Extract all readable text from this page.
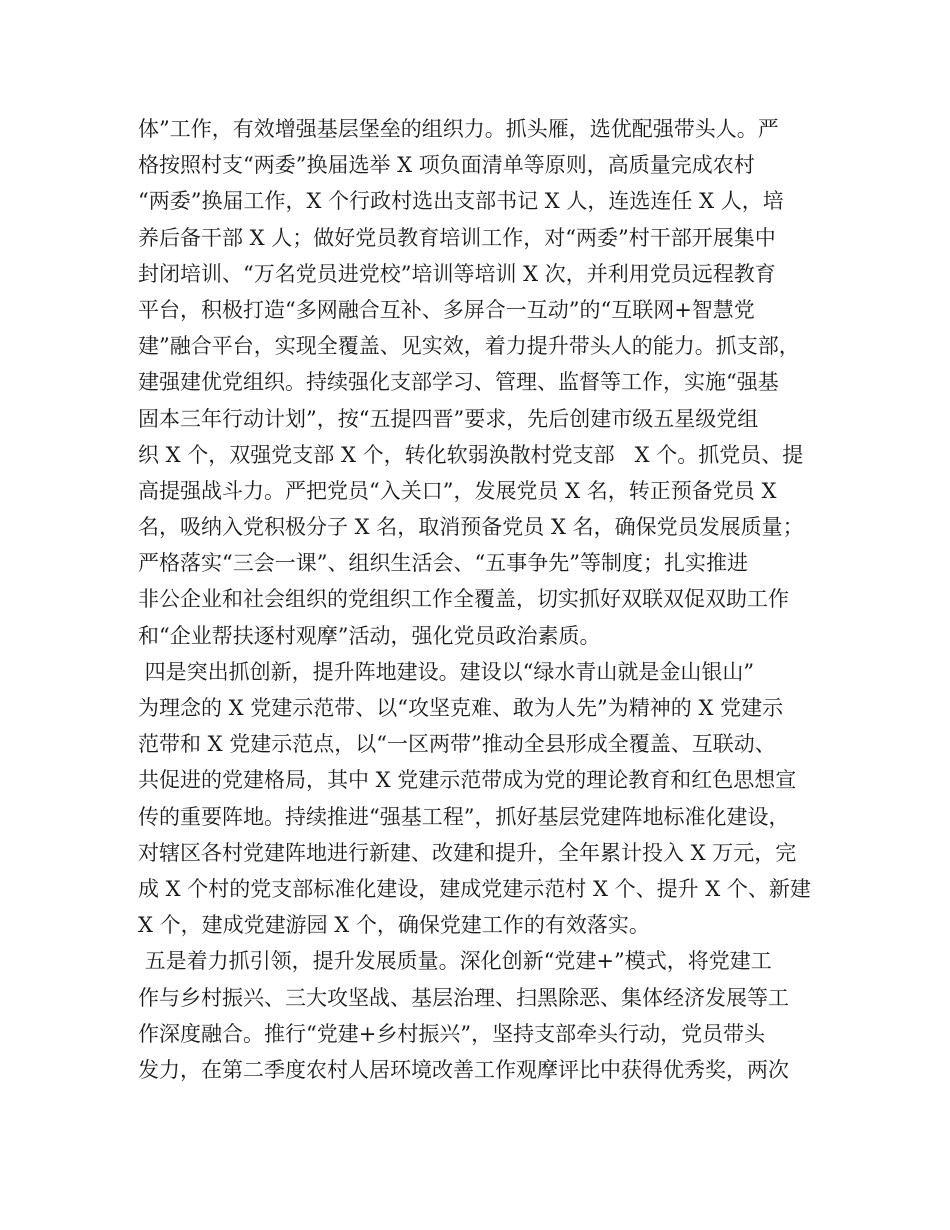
体”工作，有效增强基层堡垒的组织力。抓头雁，选优配强带头人。严
格按照村支“两委”换届选举 X 项负面清单等原则，高质量完成农村
“两委”换届工作，X 个行政村选出支部书记 X 人，连选连任 X 人，培
养后备干部 X 人；做好党员教育培训工作，对“两委”村干部开展集中
封闭培训、“万名党员进党校”培训等培训 X 次，并利用党员远程教育
平台，积极打造“多网融合互补、多屏合一互动”的“互联网+智慧党
建”融合平台，实现全覆盖、见实效，着力提升带头人的能力。抓支部，
建强建优党组织。持续强化支部学习、管理、监督等工作，实施“强基
固本三年行动计划”，按“五提四晋”要求，先后创建市级五星级党组
织 X 个，双强党支部 X 个，转化软弱涣散村党支部   X 个。抓党员、提
高提强战斗力。严把党员“入关口”，发展党员 X 名，转正预备党员 X
名，吸纳入党积极分子 X 名，取消预备党员 X 名，确保党员发展质量；
严格落实“三会一课”、组织生活会、“五事争先”等制度；扎实推进
非公企业和社会组织的党组织工作全覆盖，切实抓好双联双促双助工作
和“企业帮扶逐村观摩”活动，强化党员政治素质。
四是突出抓创新，提升阵地建设。建设以“绿水青山就是金山银山”
为理念的 X 党建示范带、以“攻坚克难、敢为人先”为精神的 X 党建示
范带和 X 党建示范点，以“一区两带”推动全县形成全覆盖、互联动、
共促进的党建格局，其中 X 党建示范带成为党的理论教育和红色思想宣
传的重要阵地。持续推进“强基工程”，抓好基层党建阵地标准化建设，
对辖区各村党建阵地进行新建、改建和提升，全年累计投入 X 万元，完
成 X 个村的党支部标准化建设，建成党建示范村 X 个、提升 X 个、新建
X 个，建成党建游园 X 个，确保党建工作的有效落实。
五是着力抓引领，提升发展质量。深化创新“党建+”模式，将党建工
作与乡村振兴、三大攻坚战、基层治理、扫黑除恶、集体经济发展等工
作深度融合。推行“党建+乡村振兴”，坚持支部牵头行动，党员带头
发力，在第二季度农村人居环境改善工作观摩评比中获得优秀奖，两次
